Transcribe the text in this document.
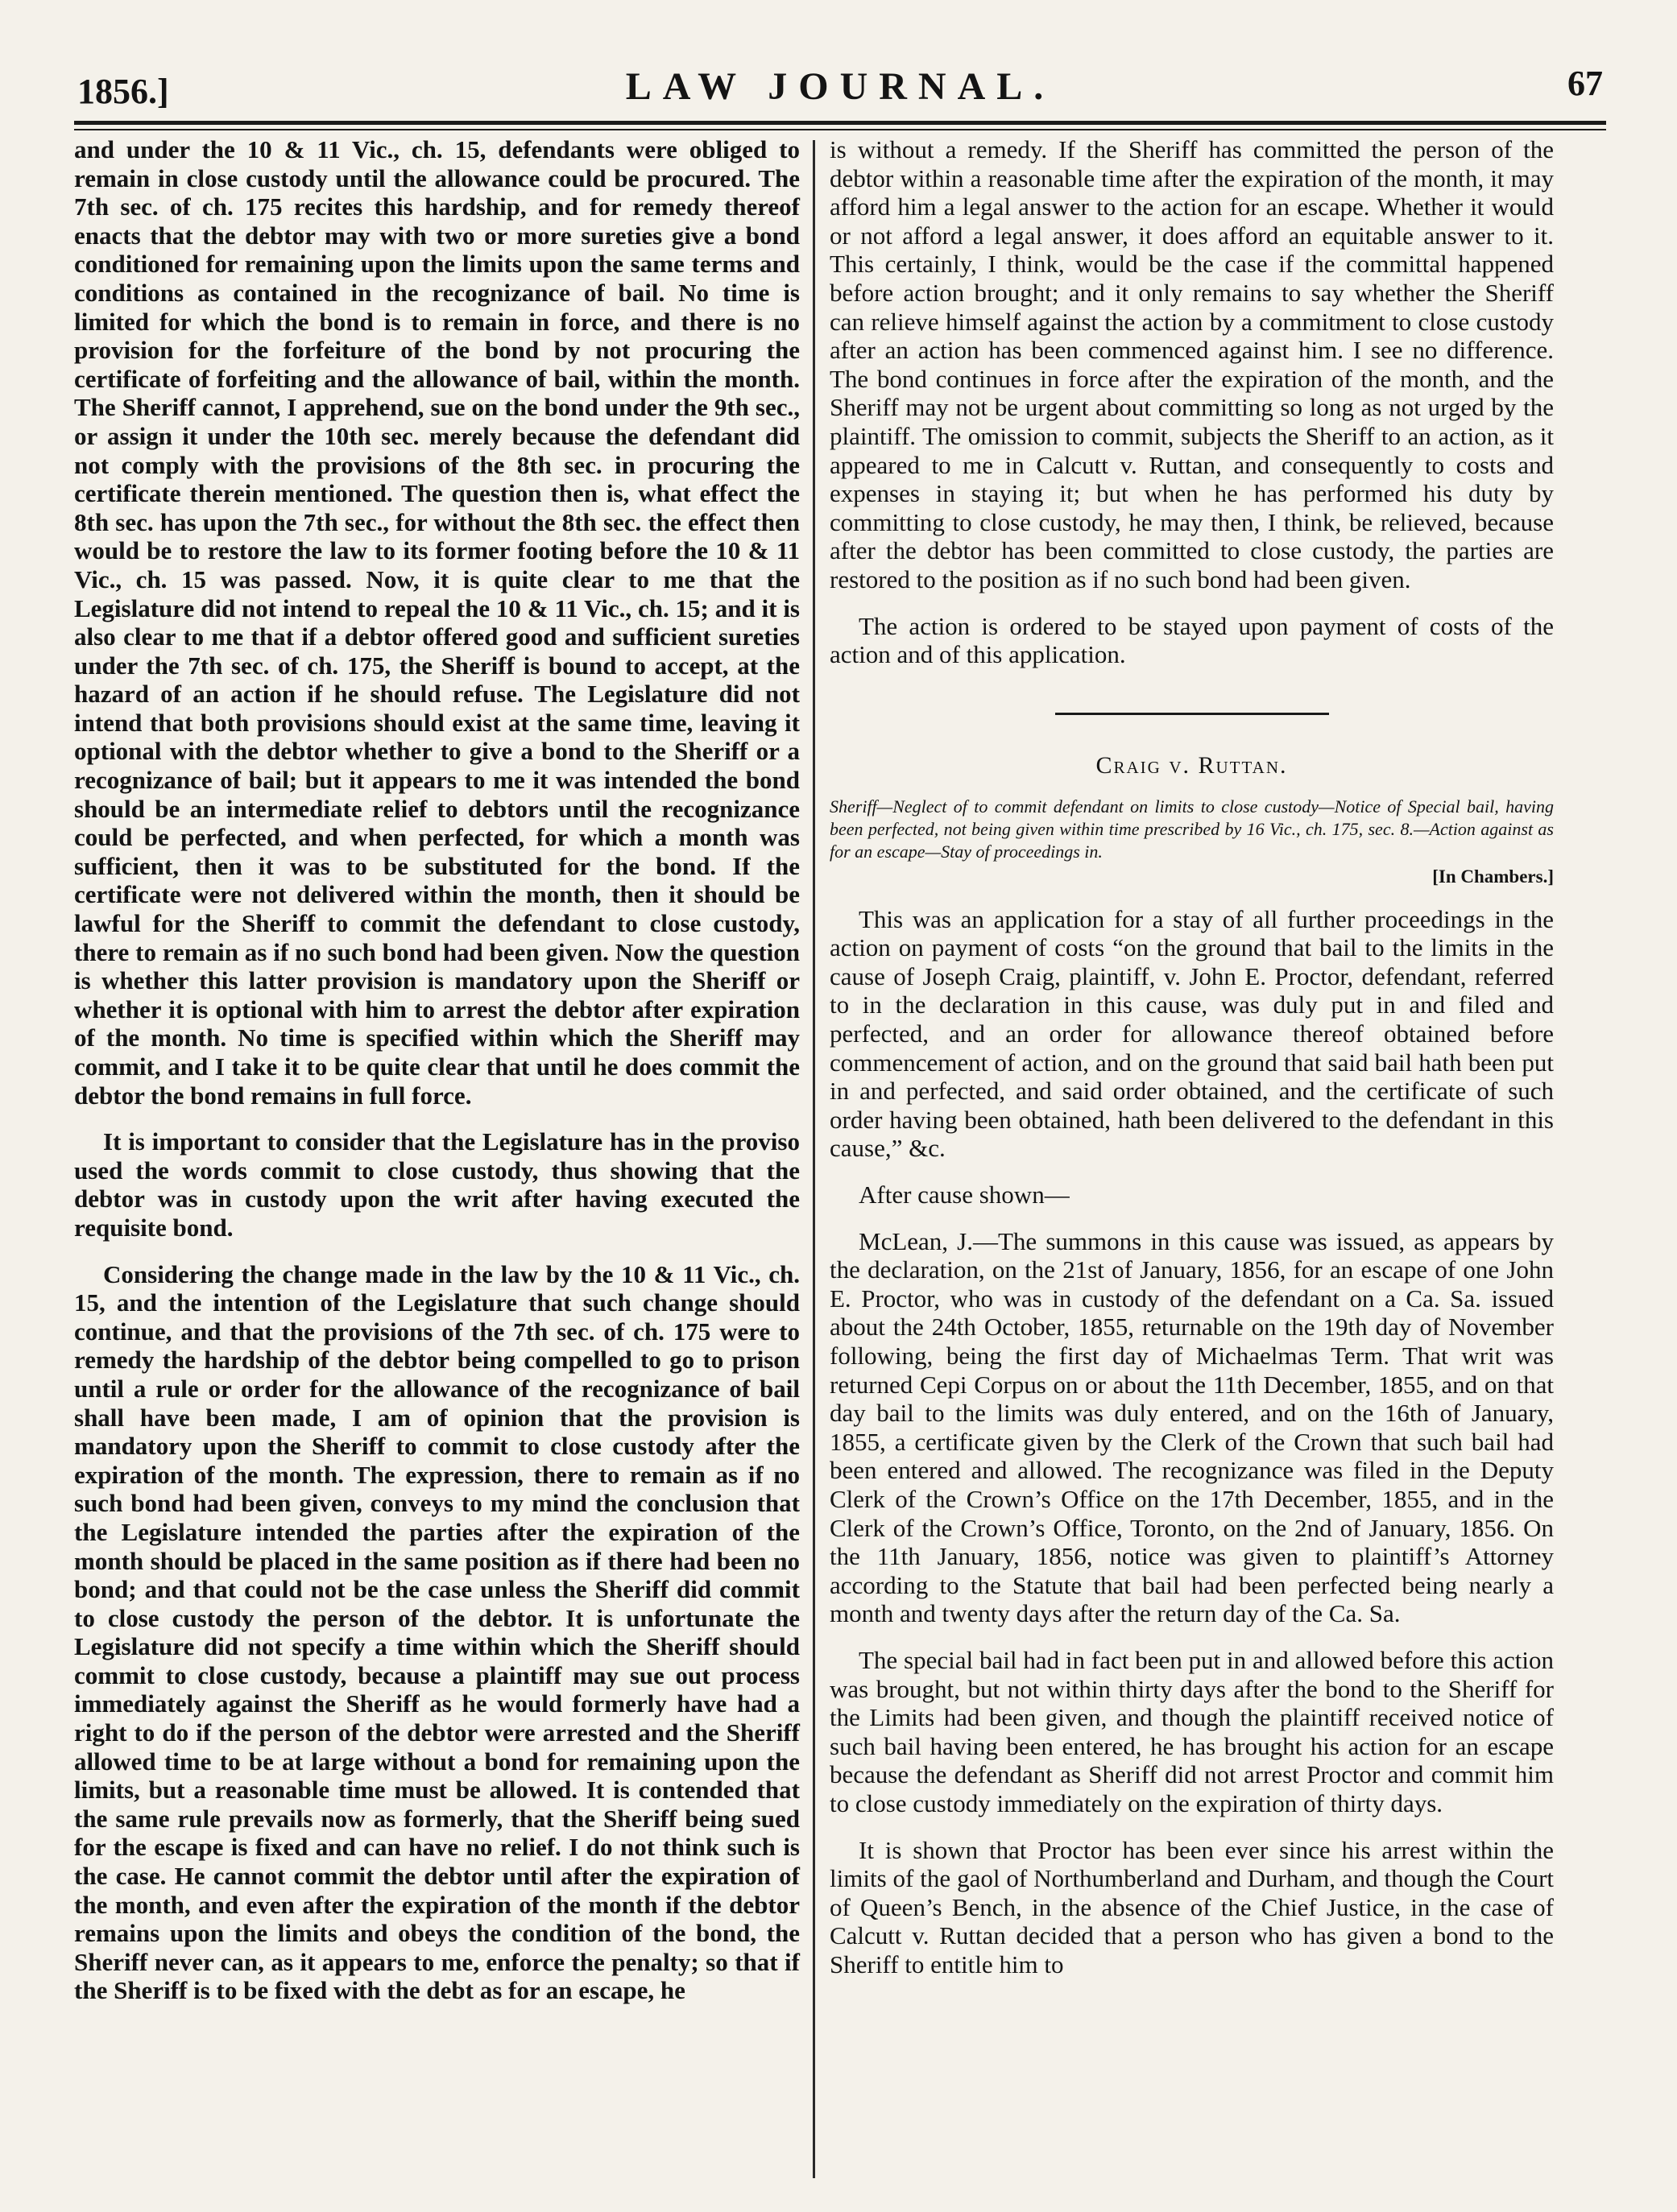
1856.]	LAW JOURNAL.	67

and under the 10 & 11 Vic., ch. 15, defendants were obliged to remain in close custody until the allowance could be procured. The 7th sec. of ch. 175 recites this hardship, and for remedy thereof enacts that the debtor may with two or more sureties give a bond conditioned for remaining upon the limits upon the same terms and conditions as contained in the recognizance of bail. No time is limited for which the bond is to remain in force, and there is no provision for the forfeiture of the bond by not procuring the certificate of forfeiting and the allowance of bail, within the month. The Sheriff cannot, I apprehend, sue on the bond under the 9th sec., or assign it under the 10th sec. merely because the defendant did not comply with the provisions of the 8th sec. in procuring the certificate therein mentioned. The question then is, what effect the 8th sec. has upon the 7th sec., for without the 8th sec. the effect then would be to restore the law to its former footing before the 10 & 11 Vic., ch. 15 was passed. Now, it is quite clear to me that the Legislature did not intend to repeal the 10 & 11 Vic., ch. 15; and it is also clear to me that if a debtor offered good and sufficient sureties under the 7th sec. of ch. 175, the Sheriff is bound to accept, at the hazard of an action if he should refuse. The Legislature did not intend that both provisions should exist at the same time, leaving it optional with the debtor whether to give a bond to the Sheriff or a recognizance of bail; but it appears to me it was intended the bond should be an intermediate relief to debtors until the recognizance could be perfected, and when perfected, for which a month was sufficient, then it was to be substituted for the bond. If the certificate were not delivered within the month, then it should be lawful for the Sheriff to commit the defendant to close custody, there to remain as if no such bond had been given. Now the question is whether this latter provision is mandatory upon the Sheriff or whether it is optional with him to arrest the debtor after expiration of the month. No time is specified within which the Sheriff may commit, and I take it to be quite clear that until he does commit the debtor the bond remains in full force.

It is important to consider that the Legislature has in the proviso used the words commit to close custody, thus showing that the debtor was in custody upon the writ after having executed the requisite bond.

Considering the change made in the law by the 10 & 11 Vic., ch. 15, and the intention of the Legislature that such change should continue, and that the provisions of the 7th sec. of ch. 175 were to remedy the hardship of the debtor being compelled to go to prison until a rule or order for the allowance of the recognizance of bail shall have been made, I am of opinion that the provision is mandatory upon the Sheriff to commit to close custody after the expiration of the month. The expression, there to remain as if no such bond had been given, conveys to my mind the conclusion that the Legislature intended the parties after the expiration of the month should be placed in the same position as if there had been no bond; and that could not be the case unless the Sheriff did commit to close custody the person of the debtor. It is unfortunate the Legislature did not specify a time within which the Sheriff should commit to close custody, because a plaintiff may sue out process immediately against the Sheriff as he would formerly have had a right to do if the person of the debtor were arrested and the Sheriff allowed time to be at large without a bond for remaining upon the limits, but a reasonable time must be allowed. It is contended that the same rule prevails now as formerly, that the Sheriff being sued for the escape is fixed and can have no relief. I do not think such is the case. He cannot commit the debtor until after the expiration of the month, and even after the expiration of the month if the debtor remains upon the limits and obeys the condition of the bond, the Sheriff never can, as it appears to me, enforce the penalty; so that if the Sheriff is to be fixed with the debt as for an escape, he

is without a remedy. If the Sheriff has committed the person of the debtor within a reasonable time after the expiration of the month, it may afford him a legal answer to the action for an escape. Whether it would or not afford a legal answer, it does afford an equitable answer to it. This certainly, I think, would be the case if the committal happened before action brought; and it only remains to say whether the Sheriff can relieve himself against the action by a commitment to close custody after an action has been commenced against him. I see no difference. The bond continues in force after the expiration of the month, and the Sheriff may not be urgent about committing so long as not urged by the plaintiff. The omission to commit, subjects the Sheriff to an action, as it appeared to me in Calcutt v. Ruttan, and consequently to costs and expenses in staying it; but when he has performed his duty by committing to close custody, he may then, I think, be relieved, because after the debtor has been committed to close custody, the parties are restored to the position as if no such bond had been given.

The action is ordered to be stayed upon payment of costs of the action and of this application.

Craig v. Ruttan.
Sheriff—Neglect of to commit defendant on limits to close custody—Notice of Special bail, having been perfected, not being given within time prescribed by 16 Vic., ch. 175, sec. 8.—Action against as for an escape—Stay of proceedings in.
[In Chambers.]

This was an application for a stay of all further proceedings in the action on payment of costs “on the ground that bail to the limits in the cause of Joseph Craig, plaintiff, v. John E. Proctor, defendant, referred to in the declaration in this cause, was duly put in and filed and perfected, and an order for allowance thereof obtained before commencement of action, and on the ground that said bail hath been put in and perfected, and said order obtained, and the certificate of such order having been obtained, hath been delivered to the defendant in this cause,” &c.

After cause shown—

McLean, J.—The summons in this cause was issued, as appears by the declaration, on the 21st of January, 1856, for an escape of one John E. Proctor, who was in custody of the defendant on a Ca. Sa. issued about the 24th October, 1855, returnable on the 19th day of November following, being the first day of Michaelmas Term. That writ was returned Cepi Corpus on or about the 11th December, 1855, and on that day bail to the limits was duly entered, and on the 16th of January, 1855, a certificate given by the Clerk of the Crown that such bail had been entered and allowed. The recognizance was filed in the Deputy Clerk of the Crown’s Office on the 17th December, 1855, and in the Clerk of the Crown’s Office, Toronto, on the 2nd of January, 1856. On the 11th January, 1856, notice was given to plaintiff’s Attorney according to the Statute that bail had been perfected being nearly a month and twenty days after the return day of the Ca. Sa.

The special bail had in fact been put in and allowed before this action was brought, but not within thirty days after the bond to the Sheriff for the Limits had been given, and though the plaintiff received notice of such bail having been entered, he has brought his action for an escape because the defendant as Sheriff did not arrest Proctor and commit him to close custody immediately on the expiration of thirty days.

It is shown that Proctor has been ever since his arrest within the limits of the gaol of Northumberland and Durham, and though the Court of Queen’s Bench, in the absence of the Chief Justice, in the case of Calcutt v. Ruttan decided that a person who has given a bond to the Sheriff to entitle him to
